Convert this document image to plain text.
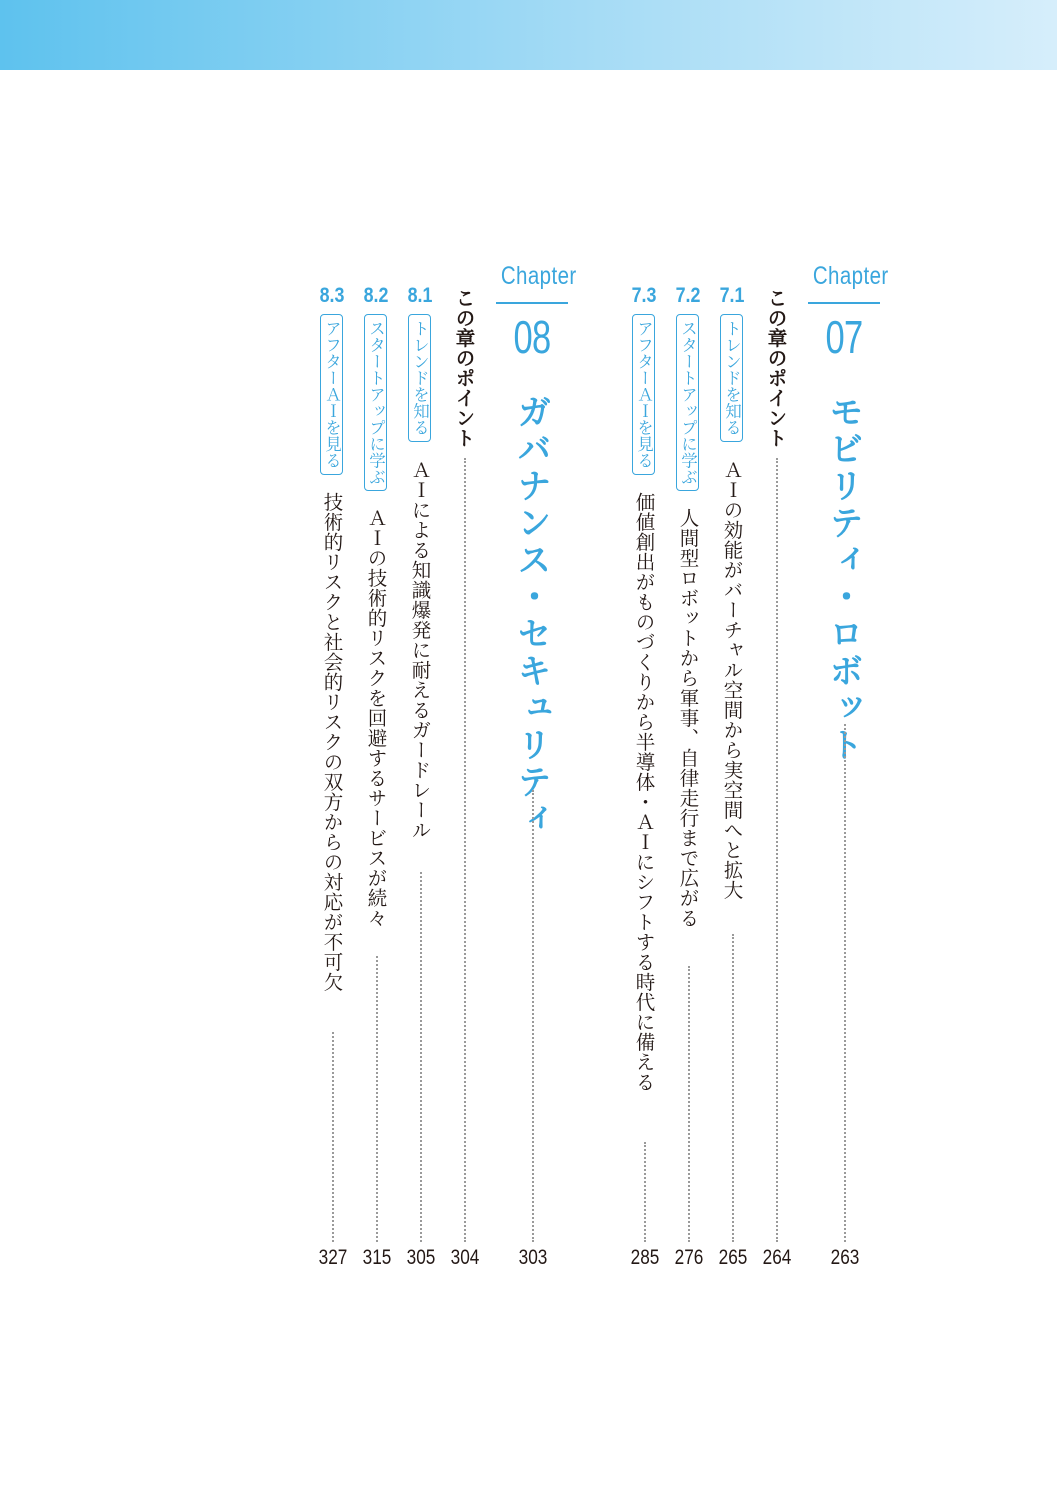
Chapter
07
モビリティ・ロボット
263
この章のポイント
264
7.1
トレンドを知る
ＡＩの効能がバーチャル空間から実空間へと拡大
265
7.2
スタートアップに学ぶ
人間型ロボットから軍事、自律走行まで広がる
276
7.3
アフターＡＩを見る
価値創出がものづくりから半導体・ＡＩにシフトする時代に備える
285
Chapter
08
ガバナンス・セキュリティ
303
この章のポイント
304
8.1
トレンドを知る
ＡＩによる知識爆発に耐えるガードレール
305
8.2
スタートアップに学ぶ
ＡＩの技術的リスクを回避するサービスが続々
315
8.3
アフターＡＩを見る
技術的リスクと社会的リスクの双方からの対応が不可欠
327
